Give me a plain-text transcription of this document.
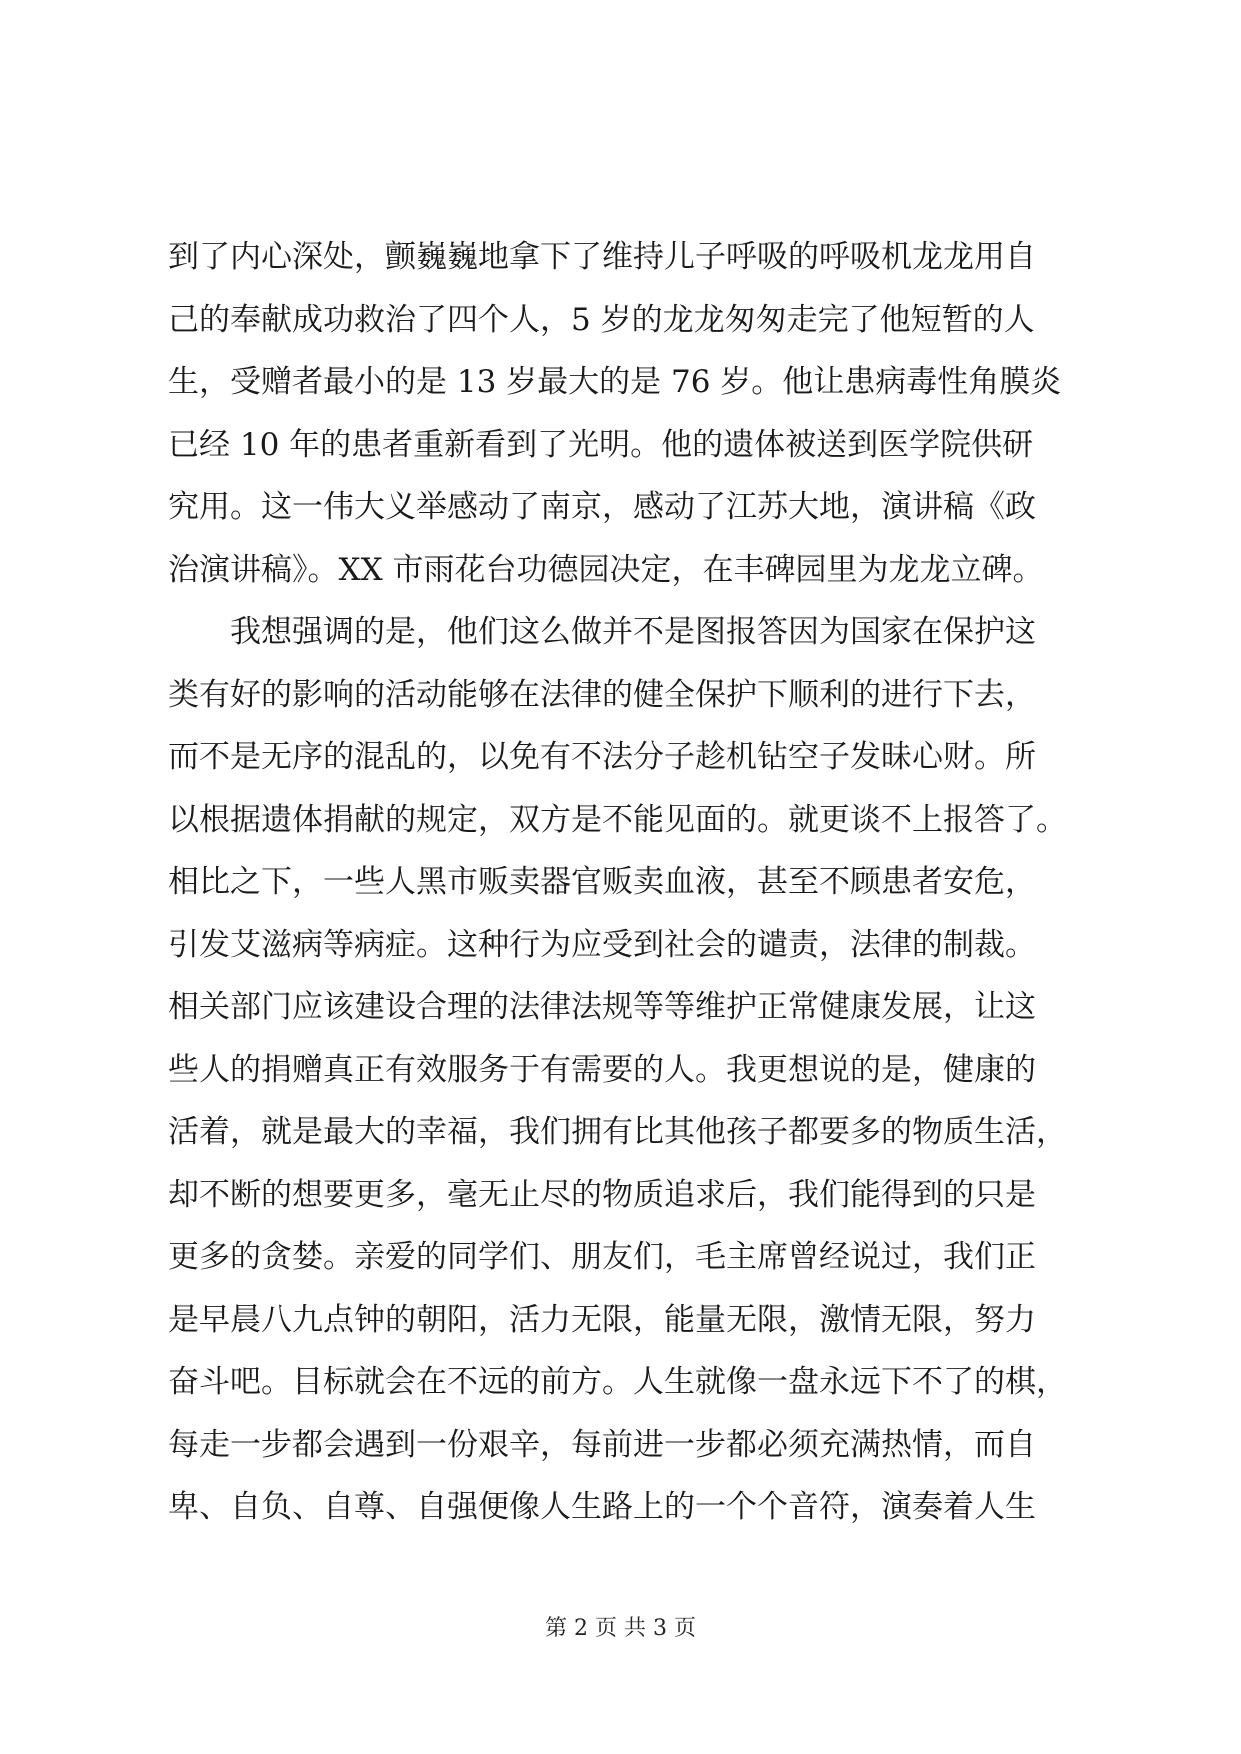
到了内心深处，颤巍巍地拿下了维持儿子呼吸的呼吸机龙龙用自
己的奉献成功救治了四个人，5 岁的龙龙匆匆走完了他短暂的人
生，受赠者最小的是 13 岁最大的是 76 岁。他让患病毒性角膜炎
已经 10 年的患者重新看到了光明。他的遗体被送到医学院供研
究用。这一伟大义举感动了南京，感动了江苏大地，演讲稿《政
治演讲稿》。XX 市雨花台功德园决定，在丰碑园里为龙龙立碑。
　　我想强调的是，他们这么做并不是图报答因为国家在保护这
类有好的影响的活动能够在法律的健全保护下顺利的进行下去，
而不是无序的混乱的，以免有不法分子趁机钻空子发昧心财。所
以根据遗体捐献的规定，双方是不能见面的。就更谈不上报答了。
相比之下，一些人黑市贩卖器官贩卖血液，甚至不顾患者安危，
引发艾滋病等病症。这种行为应受到社会的谴责，法律的制裁。
相关部门应该建设合理的法律法规等等维护正常健康发展，让这
些人的捐赠真正有效服务于有需要的人。我更想说的是，健康的
活着，就是最大的幸福，我们拥有比其他孩子都要多的物质生活，
却不断的想要更多，毫无止尽的物质追求后，我们能得到的只是
更多的贪婪。亲爱的同学们、朋友们，毛主席曾经说过，我们正
是早晨八九点钟的朝阳，活力无限，能量无限，激情无限，努力
奋斗吧。目标就会在不远的前方。人生就像一盘永远下不了的棋，
每走一步都会遇到一份艰辛，每前进一步都必须充满热情，而自
卑、自负、自尊、自强便像人生路上的一个个音符，演奏着人生
第 2 页 共 3 页
